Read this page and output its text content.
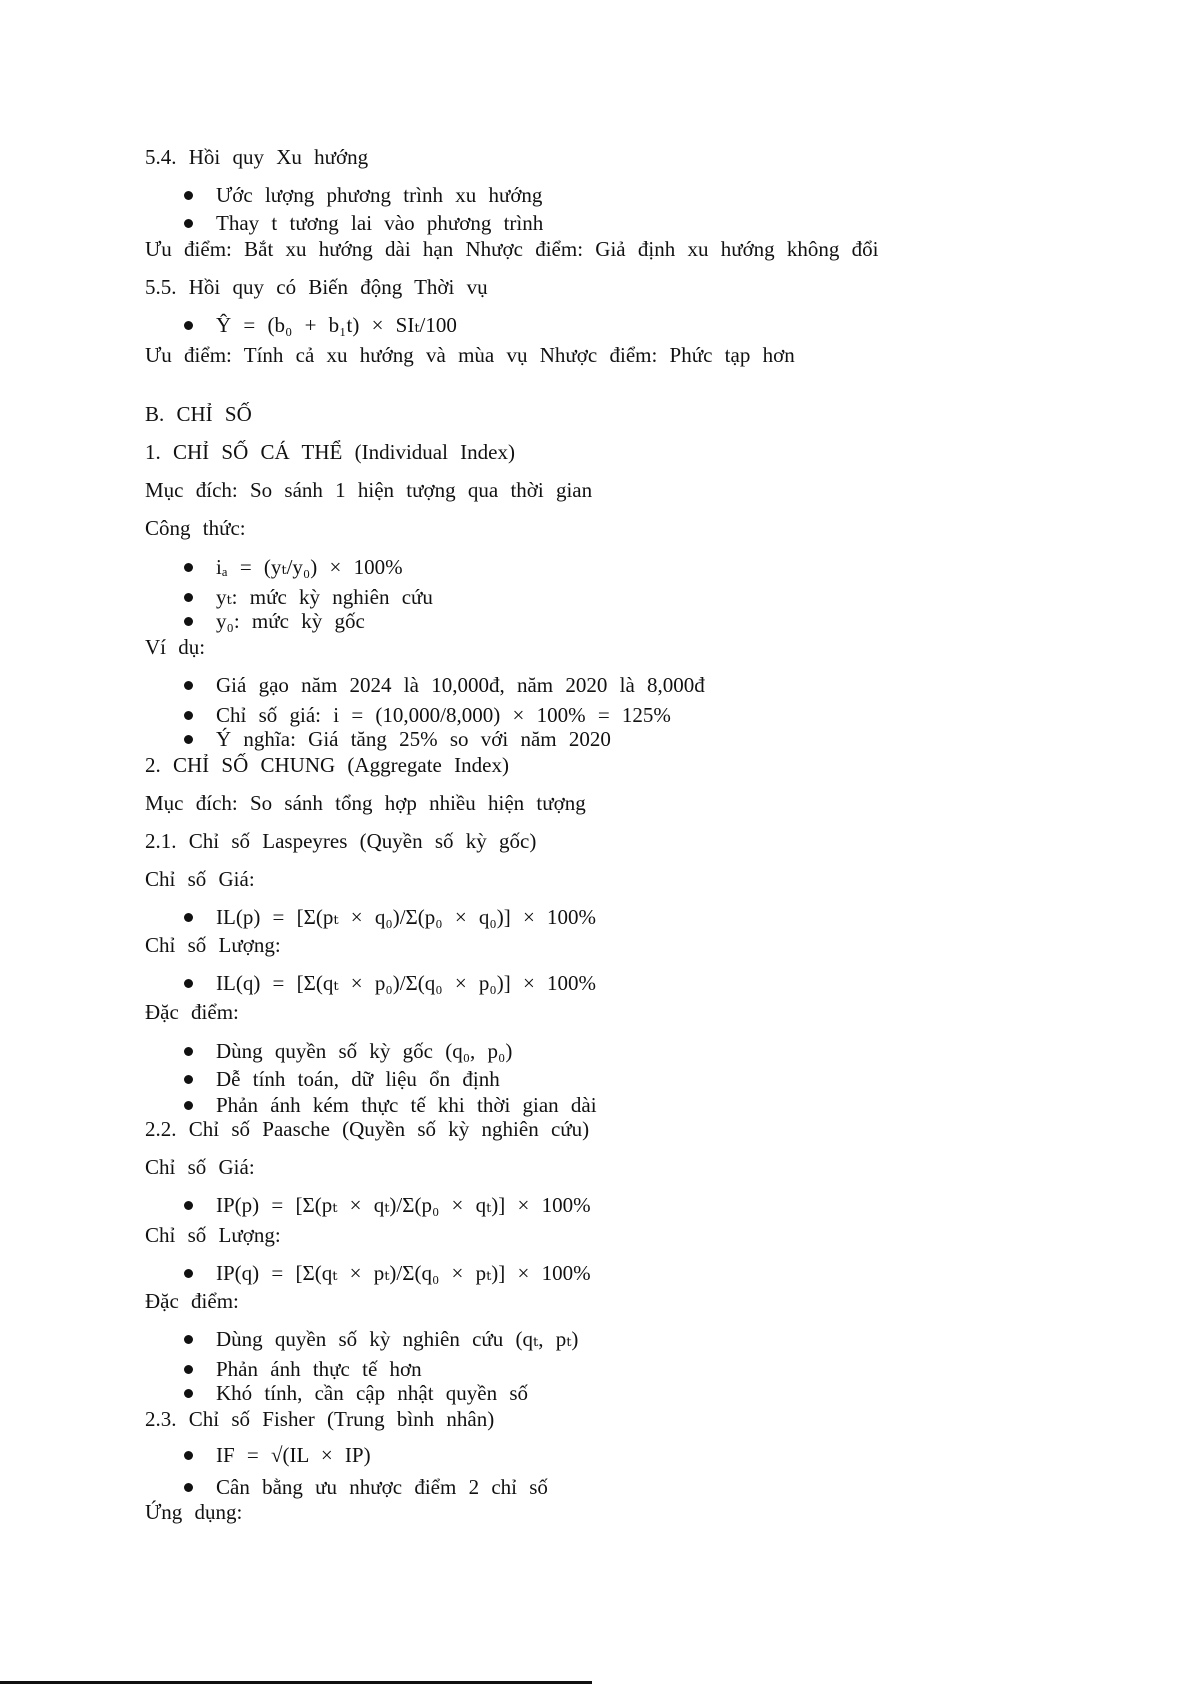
5.4. Hồi quy Xu hướng
Ước lượng phương trình xu hướng
Thay t tương lai vào phương trình
Ưu điểm: Bắt xu hướng dài hạn Nhược điểm: Giả định xu hướng không đổi
5.5. Hồi quy có Biến động Thời vụ
Ŷ = (b₀ + b₁t) × SIₜ/100
Ưu điểm: Tính cả xu hướng và mùa vụ Nhược điểm: Phức tạp hơn
B. CHỈ SỐ
1. CHỈ SỐ CÁ THỂ (Individual Index)
Mục đích: So sánh 1 hiện tượng qua thời gian
Công thức:
iₐ = (yₜ/y₀) × 100%
yₜ: mức kỳ nghiên cứu
y₀: mức kỳ gốc
Ví dụ:
Giá gạo năm 2024 là 10,000đ, năm 2020 là 8,000đ
Chỉ số giá: i = (10,000/8,000) × 100% = 125%
Ý nghĩa: Giá tăng 25% so với năm 2020
2. CHỈ SỐ CHUNG (Aggregate Index)
Mục đích: So sánh tổng hợp nhiều hiện tượng
2.1. Chỉ số Laspeyres (Quyền số kỳ gốc)
Chỉ số Giá:
IL(p) = [Σ(pₜ × q₀)/Σ(p₀ × q₀)] × 100%
Chỉ số Lượng:
IL(q) = [Σ(qₜ × p₀)/Σ(q₀ × p₀)] × 100%
Đặc điểm:
Dùng quyền số kỳ gốc (q₀, p₀)
Dễ tính toán, dữ liệu ổn định
Phản ánh kém thực tế khi thời gian dài
2.2. Chỉ số Paasche (Quyền số kỳ nghiên cứu)
Chỉ số Giá:
IP(p) = [Σ(pₜ × qₜ)/Σ(p₀ × qₜ)] × 100%
Chỉ số Lượng:
IP(q) = [Σ(qₜ × pₜ)/Σ(q₀ × pₜ)] × 100%
Đặc điểm:
Dùng quyền số kỳ nghiên cứu (qₜ, pₜ)
Phản ánh thực tế hơn
Khó tính, cần cập nhật quyền số
2.3. Chỉ số Fisher (Trung bình nhân)
IF = √(IL × IP)
Cân bằng ưu nhược điểm 2 chỉ số
Ứng dụng:
